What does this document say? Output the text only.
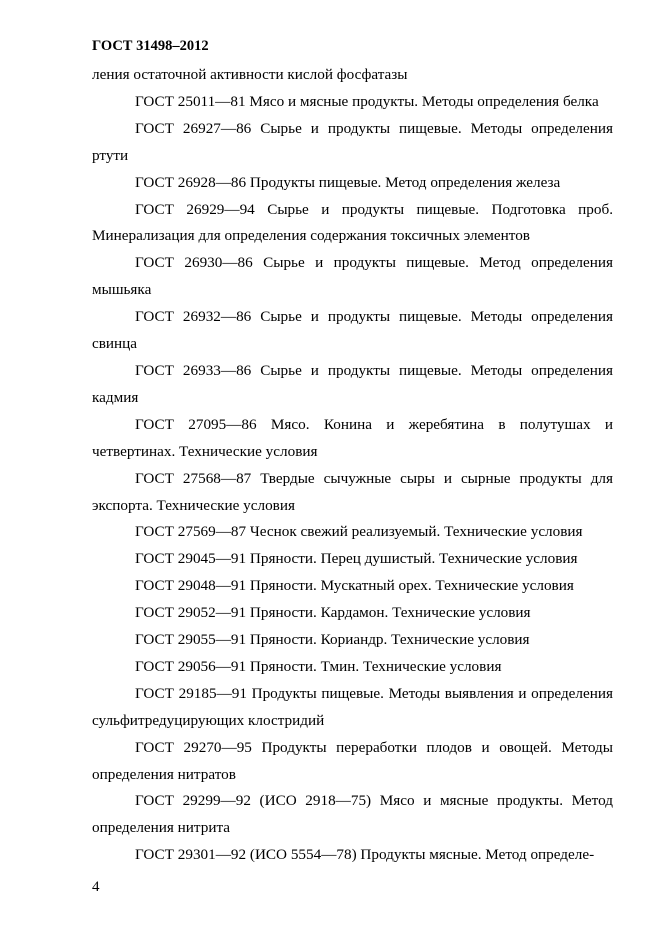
ГОСТ 31498–2012

ления остаточной активности кислой фосфатазы

ГОСТ 25011—81 Мясо и мясные продукты. Методы определения белка

ГОСТ 26927—86 Сырье и продукты пищевые. Методы определения ртути

ГОСТ 26928—86 Продукты пищевые. Метод определения железа

ГОСТ 26929—94 Сырье и продукты пищевые. Подготовка проб. Минерализация для определения содержания токсичных элементов

ГОСТ 26930—86 Сырье и продукты пищевые. Метод определения мышьяка

ГОСТ 26932—86 Сырье и продукты пищевые. Методы определения свинца

ГОСТ 26933—86 Сырье и продукты пищевые. Методы определения кадмия

ГОСТ 27095—86 Мясо. Конина и жеребятина в полутушах и четвертинах. Технические условия

ГОСТ 27568—87 Твердые сычужные сыры и сырные продукты для экспорта. Технические условия

ГОСТ 27569—87 Чеснок свежий реализуемый. Технические условия

ГОСТ 29045—91 Пряности. Перец душистый. Технические условия

ГОСТ 29048—91 Пряности. Мускатный орех. Технические условия

ГОСТ 29052—91 Пряности. Кардамон. Технические условия

ГОСТ 29055—91 Пряности. Кориандр. Технические условия

ГОСТ 29056—91 Пряности. Тмин. Технические условия

ГОСТ 29185—91 Продукты пищевые. Методы выявления и определения сульфитредуцирующих клостридий

ГОСТ 29270—95 Продукты переработки плодов и овощей. Методы определения нитратов

ГОСТ 29299—92 (ИСО 2918—75) Мясо и мясные продукты. Метод определения нитрита

ГОСТ 29301—92 (ИСО 5554—78) Продукты мясные. Метод определе-

4
